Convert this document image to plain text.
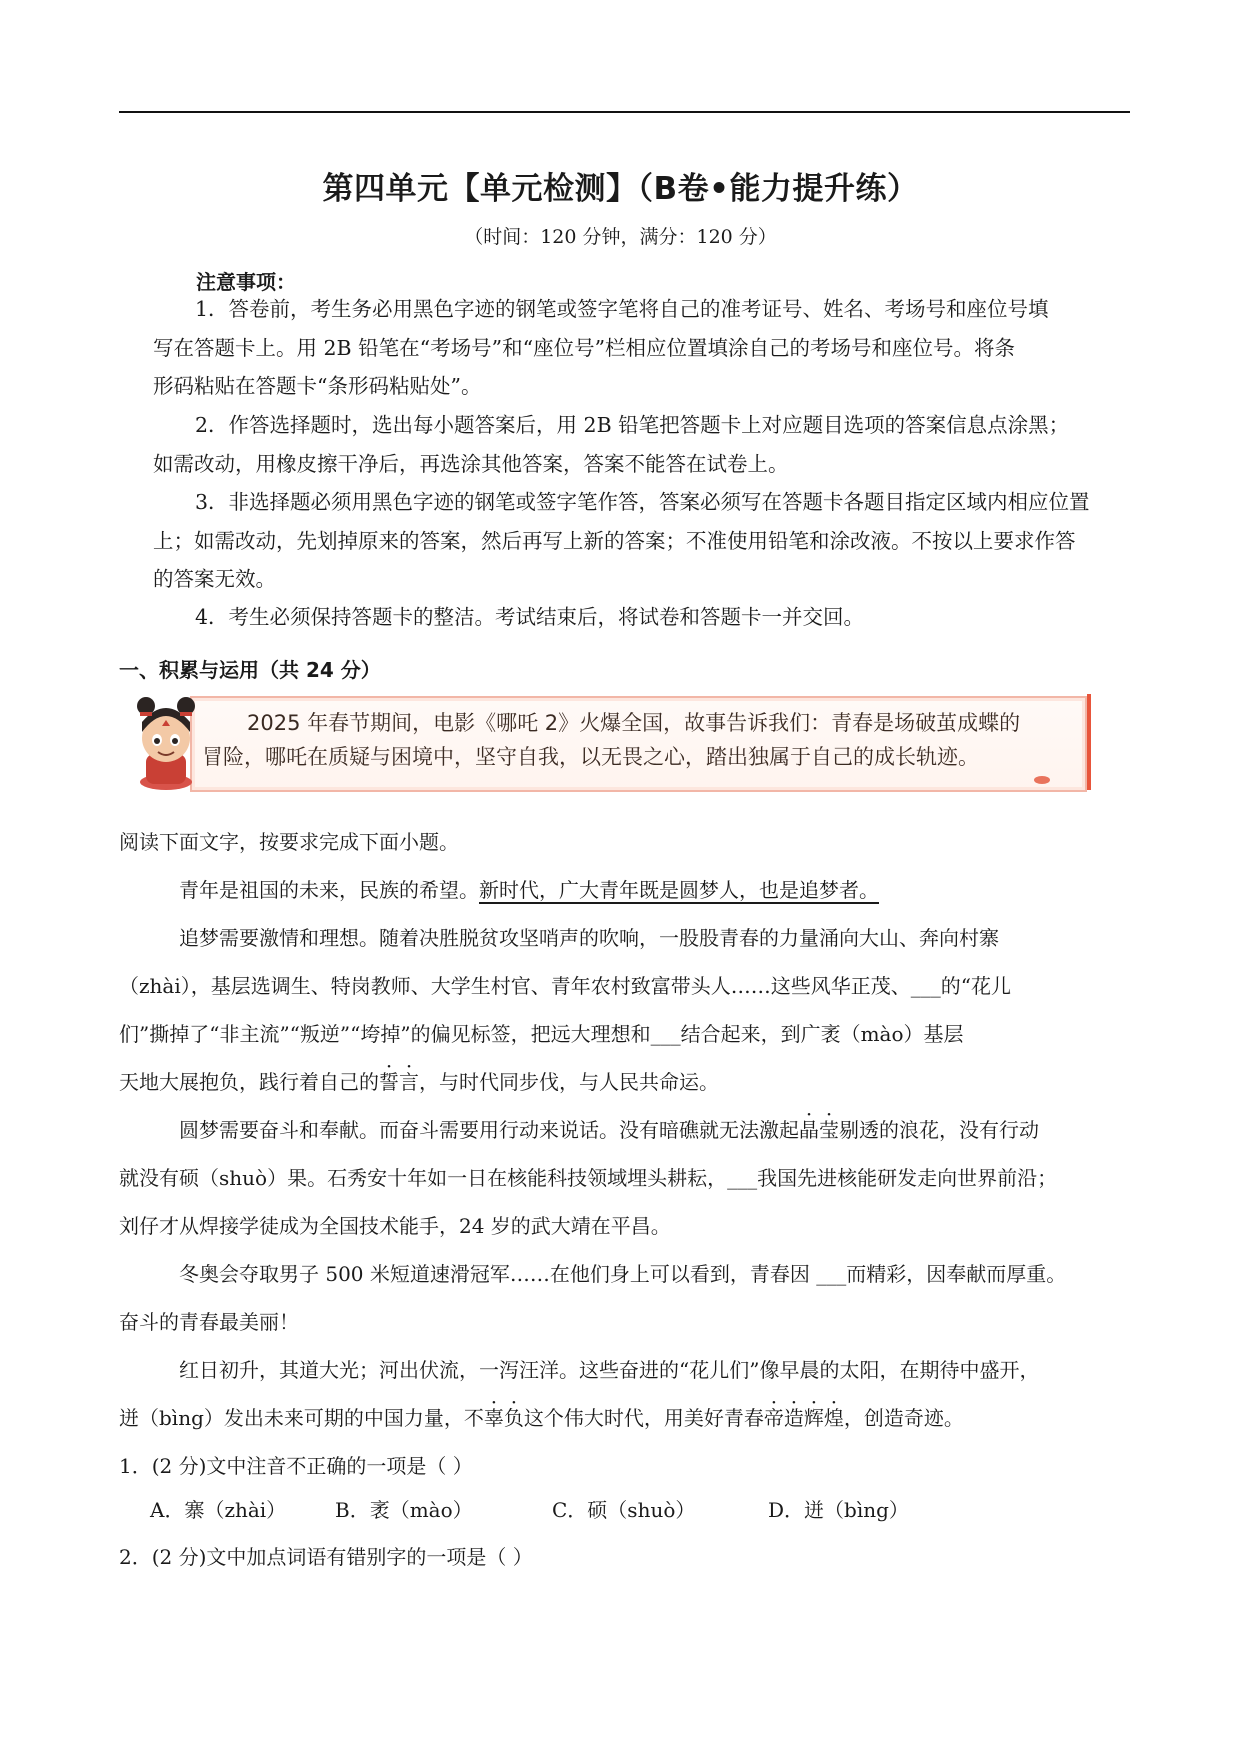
第四单元【单元检测】（B卷•能力提升练）
（时间：120 分钟，满分：120 分）
注意事项：
1．答卷前，考生务必用黑色字迹的钢笔或签字笔将自己的准考证号、姓名、考场号和座位号填
写在答题卡上。用 2B 铅笔在“考场号”和“座位号”栏相应位置填涂自己的考场号和座位号。将条
形码粘贴在答题卡“条形码粘贴处”。
2．作答选择题时，选出每小题答案后，用 2B 铅笔把答题卡上对应题目选项的答案信息点涂黑；
如需改动，用橡皮擦干净后，再选涂其他答案，答案不能答在试卷上。
3．非选择题必须用黑色字迹的钢笔或签字笔作答，答案必须写在答题卡各题目指定区域内相应位置
上；如需改动，先划掉原来的答案，然后再写上新的答案；不准使用铅笔和涂改液。不按以上要求作答
的答案无效。
4．考生必须保持答题卡的整洁。考试结束后，将试卷和答题卡一并交回。
一、积累与运用（共 24 分）
2025 年春节期间，电影《哪吒 2》火爆全国，故事告诉我们：青春是场破茧成蝶的
冒险，哪吒在质疑与困境中，坚守自我，以无畏之心，踏出独属于自己的成长轨迹。
阅读下面文字，按要求完成下面小题。
青年是祖国的未来，民族的希望。新时代，广大青年既是圆梦人，也是追梦者。
追梦需要激情和理想。随着决胜脱贫攻坚哨声的吹响，一股股青春的力量涌向大山、奔向村寨
（zhài），基层选调生、特岗教师、大学生村官、青年农村致富带头人……这些风华正茂、___的“花儿
们”撕掉了“非主流”“叛逆”“垮掉”的偏见标签，把远大理想和___结合起来，到广袤（mào）基层
天地大展抱负，践行着自己的誓言，与时代同步伐，与人民共命运。
圆梦需要奋斗和奉献。而奋斗需要用行动来说话。没有暗礁就无法激起晶莹剔透的浪花，没有行动
就没有硕（shuò）果。石秀安十年如一日在核能科技领域埋头耕耘，___我国先进核能研发走向世界前沿；
刘仔才从焊接学徒成为全国技术能手，24 岁的武大靖在平昌。
冬奥会夺取男子 500 米短道速滑冠军……在他们身上可以看到，青春因 ___而精彩，因奉献而厚重。
奋斗的青春最美丽！
红日初升，其道大光；河出伏流，一泻汪洋。这些奋进的“花儿们”像早晨的太阳，在期待中盛开，
迸（bìng）发出未来可期的中国力量，不辜负这个伟大时代，用美好青春帝造辉煌，创造奇迹。
1．(2 分)文中注音不正确的一项是（ ）
A．寨（zhài） B．袤（mào）	C．硕（shuò）	D．迸（bìng）
2．(2 分)文中加点词语有错别字的一项是（ ）
